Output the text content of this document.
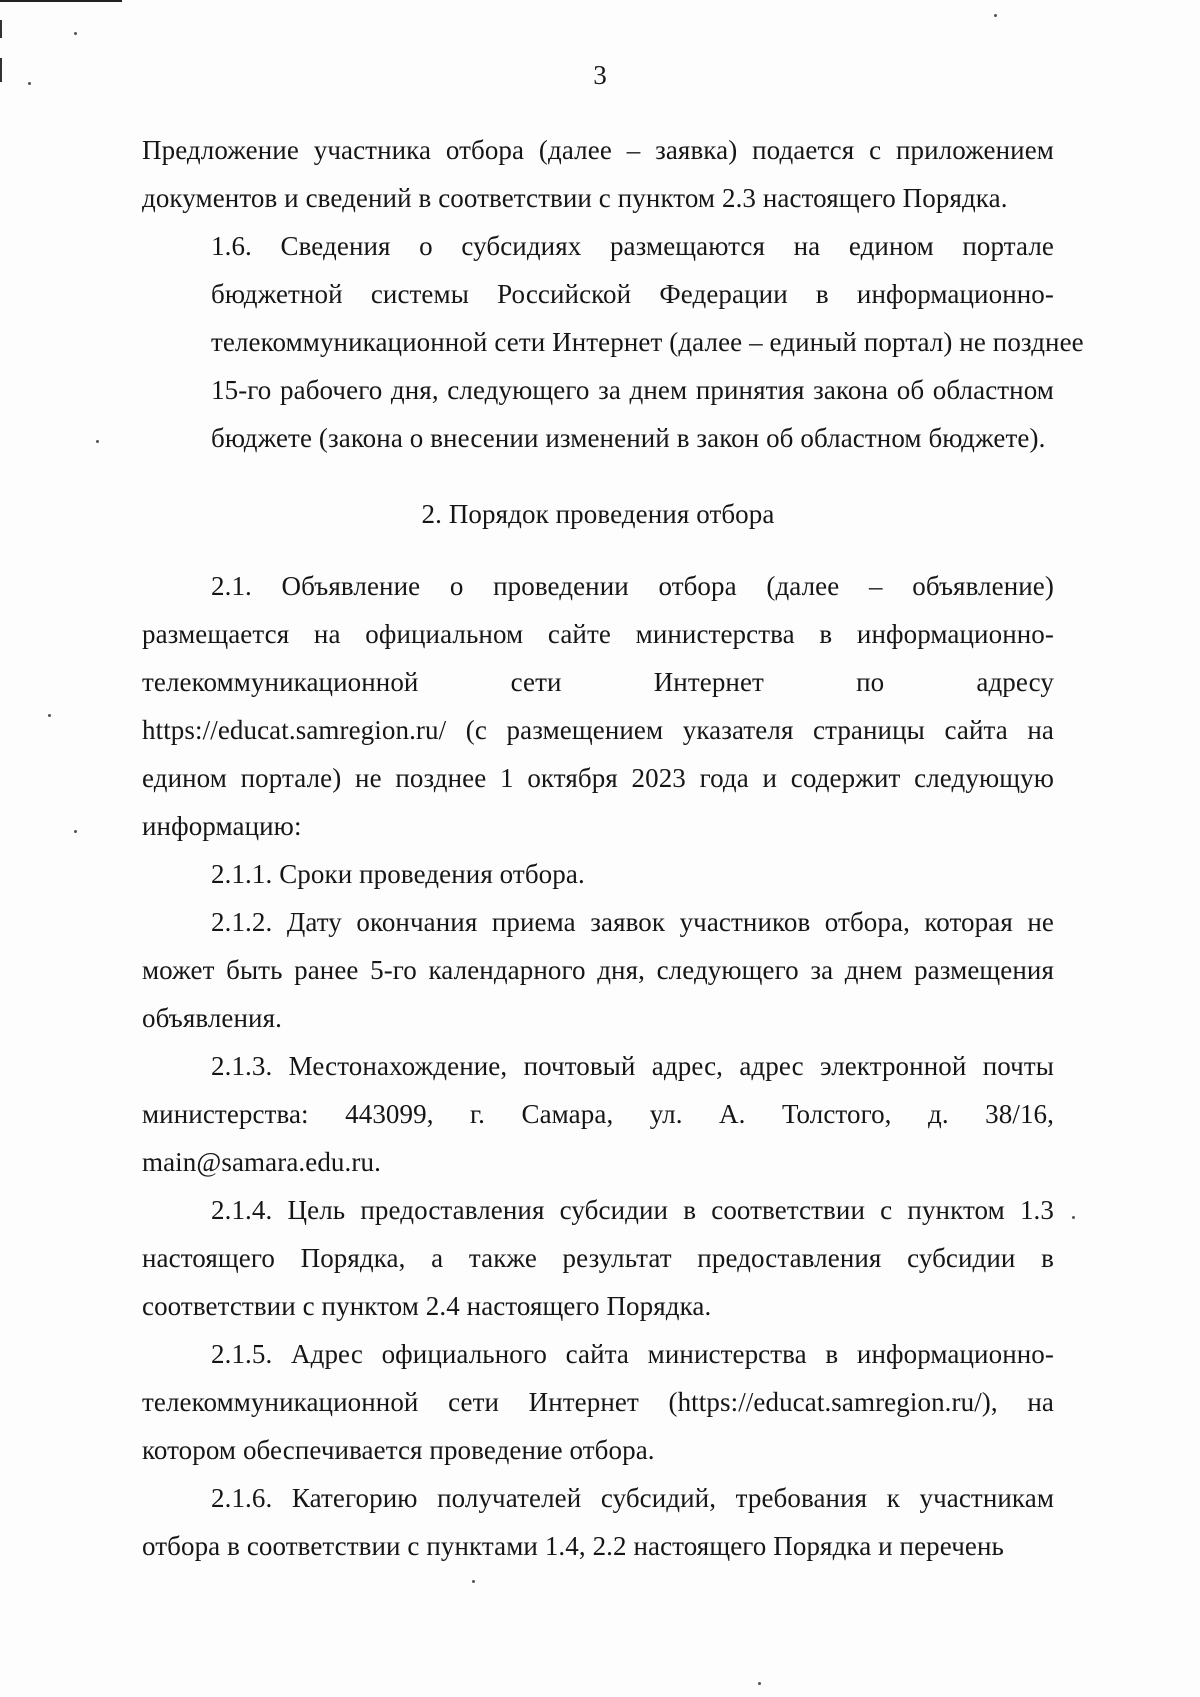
3

Предложение участника отбора (далее – заявка) подается с приложением
документов и сведений в соответствии с пунктом 2.3 настоящего Порядка.

1.6. Сведения о субсидиях размещаются на едином портале
бюджетной системы Российской Федерации в информационно-
телекоммуникационной сети Интернет (далее – единый портал) не позднее
15-го рабочего дня, следующего за днем принятия закона об областном
бюджете (закона о внесении изменений в закон об областном бюджете).

2. Порядок проведения отбора

2.1. Объявление о проведении отбора (далее – объявление)
размещается на официальном сайте министерства в информационно-
телекоммуникационной сети Интернет по адресу
https://educat.samregion.ru/ (с размещением указателя страницы сайта на
едином портале) не позднее 1 октября 2023 года и содержит следующую
информацию:

2.1.1. Сроки проведения отбора.

2.1.2. Дату окончания приема заявок участников отбора, которая не
может быть ранее 5-го календарного дня, следующего за днем размещения
объявления.

2.1.3. Местонахождение, почтовый адрес, адрес электронной почты
министерства: 443099, г. Самара, ул. А. Толстого, д. 38/16,
main@samara.edu.ru.

2.1.4. Цель предоставления субсидии в соответствии с пунктом 1.3
настоящего Порядка, а также результат предоставления субсидии в
соответствии с пунктом 2.4 настоящего Порядка.

2.1.5. Адрес официального сайта министерства в информационно-
телекоммуникационной сети Интернет (https://educat.samregion.ru/), на
котором обеспечивается проведение отбора.

2.1.6. Категорию получателей субсидий, требования к участникам
отбора в соответствии с пунктами 1.4, 2.2 настоящего Порядка и перечень
